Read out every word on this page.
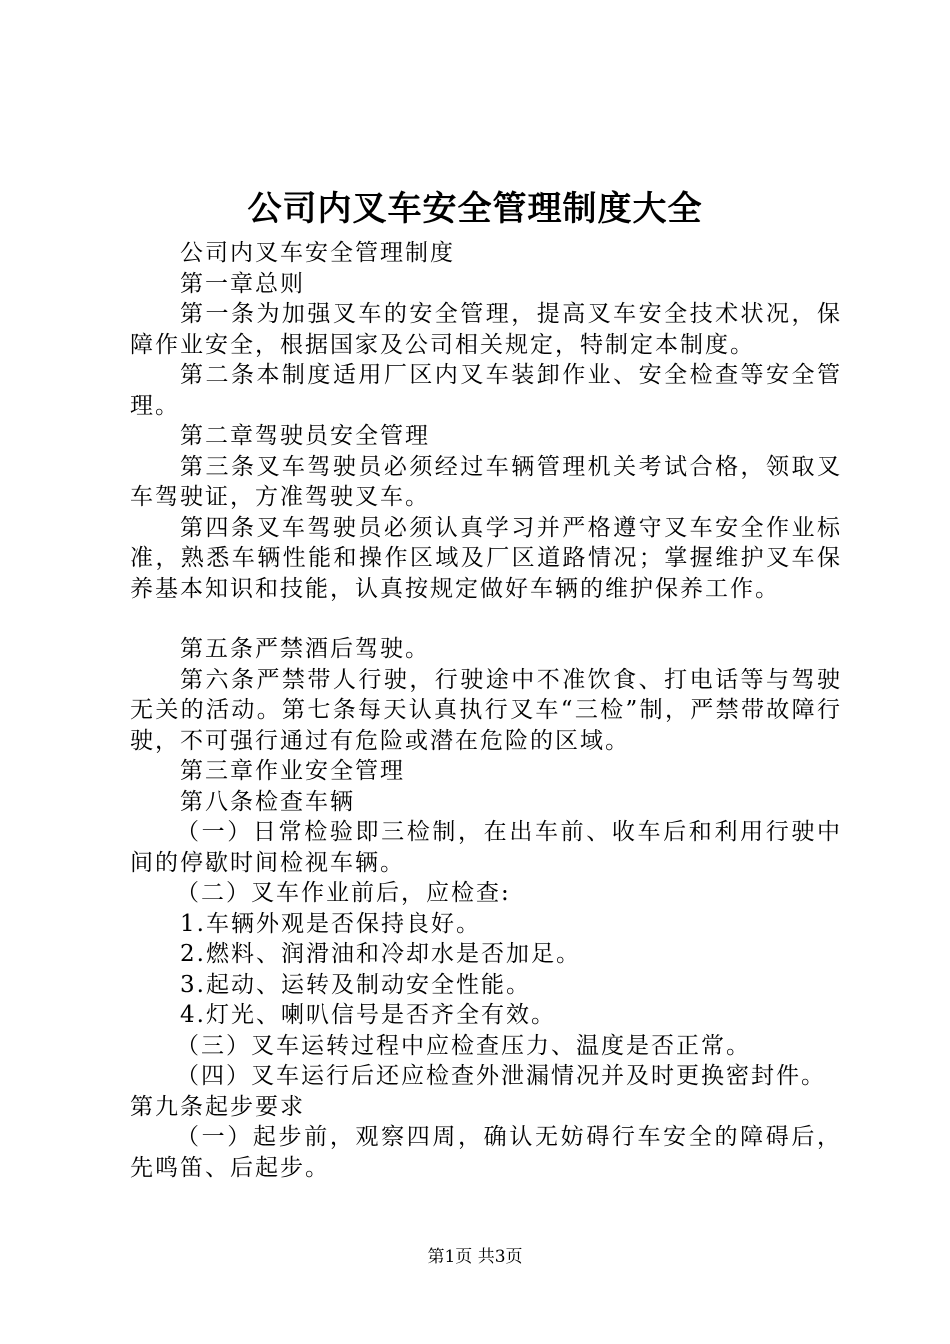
公司内叉车安全管理制度大全

公司内叉车安全管理制度

第一章总则

第一条为加强叉车的安全管理，提高叉车安全技术状况，保障作业安全，根据国家及公司相关规定，特制定本制度。

第二条本制度适用厂区内叉车装卸作业、安全检查等安全管理。

第二章驾驶员安全管理

第三条叉车驾驶员必须经过车辆管理机关考试合格，领取叉车驾驶证，方准驾驶叉车。

第四条叉车驾驶员必须认真学习并严格遵守叉车安全作业标准，熟悉车辆性能和操作区域及厂区道路情况；掌握维护叉车保养基本知识和技能，认真按规定做好车辆的维护保养工作。

第五条严禁酒后驾驶。

第六条严禁带人行驶，行驶途中不准饮食、打电话等与驾驶无关的活动。第七条每天认真执行叉车“三检”制，严禁带故障行驶，不可强行通过有危险或潜在危险的区域。

第三章作业安全管理

第八条检查车辆

（一）日常检验即三检制，在出车前、收车后和利用行驶中间的停歇时间检视车辆。

（二）叉车作业前后，应检查:

1.车辆外观是否保持良好。

2.燃料、润滑油和冷却水是否加足。

3.起动、运转及制动安全性能。

4.灯光、喇叭信号是否齐全有效。

（三）叉车运转过程中应检查压力、温度是否正常。

（四）叉车运行后还应检查外泄漏情况并及时更换密封件。

第九条起步要求

（一）起步前，观察四周，确认无妨碍行车安全的障碍后，先鸣笛、后起步。

第1页 共3页
